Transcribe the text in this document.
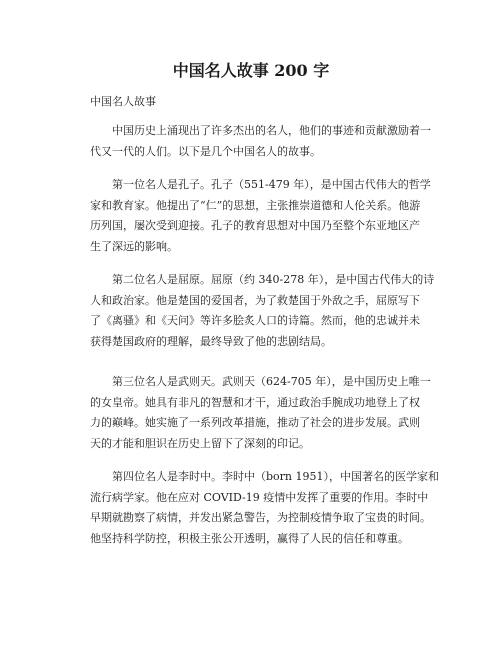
中国名人故事 200 字
中国名人故事
中国历史上涌现出了许多杰出的名人，他们的事迹和贡献激励着一
代又一代的人们。以下是几个中国名人的故事。
第一位名人是孔子。孔子（551-479 年），是中国古代伟大的哲学
家和教育家。他提出了“仁”的思想，主张推崇道德和人伦关系。他游
历列国，屡次受到迎接。孔子的教育思想对中国乃至整个东亚地区产
生了深远的影响。
第二位名人是屈原。屈原（约 340-278 年），是中国古代伟大的诗
人和政治家。他是楚国的爱国者，为了救楚国于外敌之手，屈原写下
了《离骚》和《天问》等许多脍炙人口的诗篇。然而，他的忠诚并未
获得楚国政府的理解，最终导致了他的悲剧结局。
第三位名人是武则天。武则天（624-705 年），是中国历史上唯一
的女皇帝。她具有非凡的智慧和才干，通过政治手腕成功地登上了权
力的巅峰。她实施了一系列改革措施，推动了社会的进步发展。武则
天的才能和胆识在历史上留下了深刻的印记。
第四位名人是李时中。李时中（born 1951），中国著名的医学家和
流行病学家。他在应对 COVID-19 疫情中发挥了重要的作用。李时中
早期就勘察了病情，并发出紧急警告，为控制疫情争取了宝贵的时间。
他坚持科学防控，积极主张公开透明，赢得了人民的信任和尊重。
